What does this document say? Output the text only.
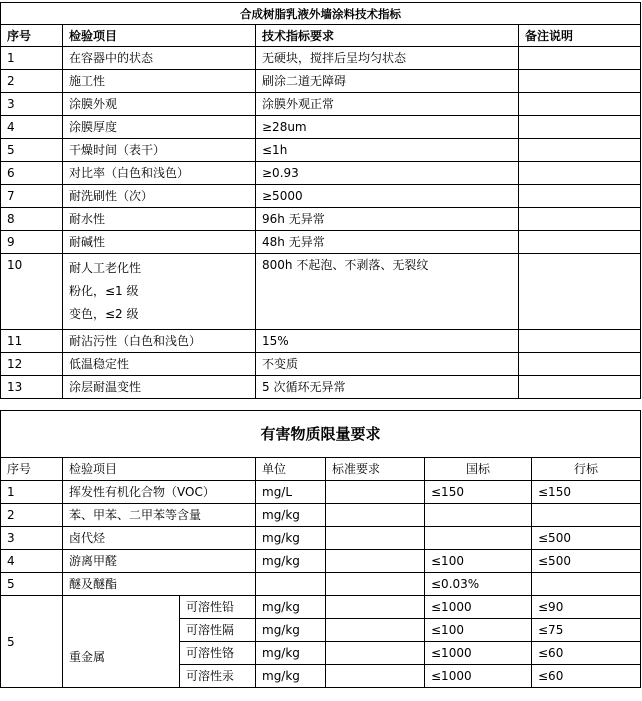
合成树脂乳液外墙涂料技术指标			
序号	检验项目	技术指标要求	备注说明
1	在容器中的状态	无硬块，搅拌后呈均匀状态	
2	施工性	刷涂二道无障碍	
3	涂膜外观	涂膜外观正常	
4	涂膜厚度	≥28um	
5	干燥时间（表干）	≤1h	
6	对比率（白色和浅色）	≥0.93	
7	耐洗刷性（次）	≥5000	
8	耐水性	96h 无异常	
9	耐碱性	48h 无异常	
10	耐人工老化性
粉化，≤1 级
变色，≤2 级	800h 不起泡、不剥落、无裂纹	
11	耐沾污性（白色和浅色）	15%	
12	低温稳定性	不变质	
13	涂层耐温变性	5 次循环无异常	
有害物质限量要求						
序号	检验项目		单位	标准要求	国标	行标
1	挥发性有机化合物（VOC）		mg/L		≤150	≤150
2	苯、甲苯、二甲苯等含量		mg/kg			
3	卤代烃		mg/kg			≤500
4	游离甲醛		mg/kg		≤100	≤500
5	醚及醚酯				≤0.03%	
5	重金属	可溶性铅	mg/kg		≤1000	≤90
		可溶性隔	mg/kg		≤100	≤75
		可溶性铬	mg/kg		≤1000	≤60
		可溶性汞	mg/kg		≤1000	≤60
